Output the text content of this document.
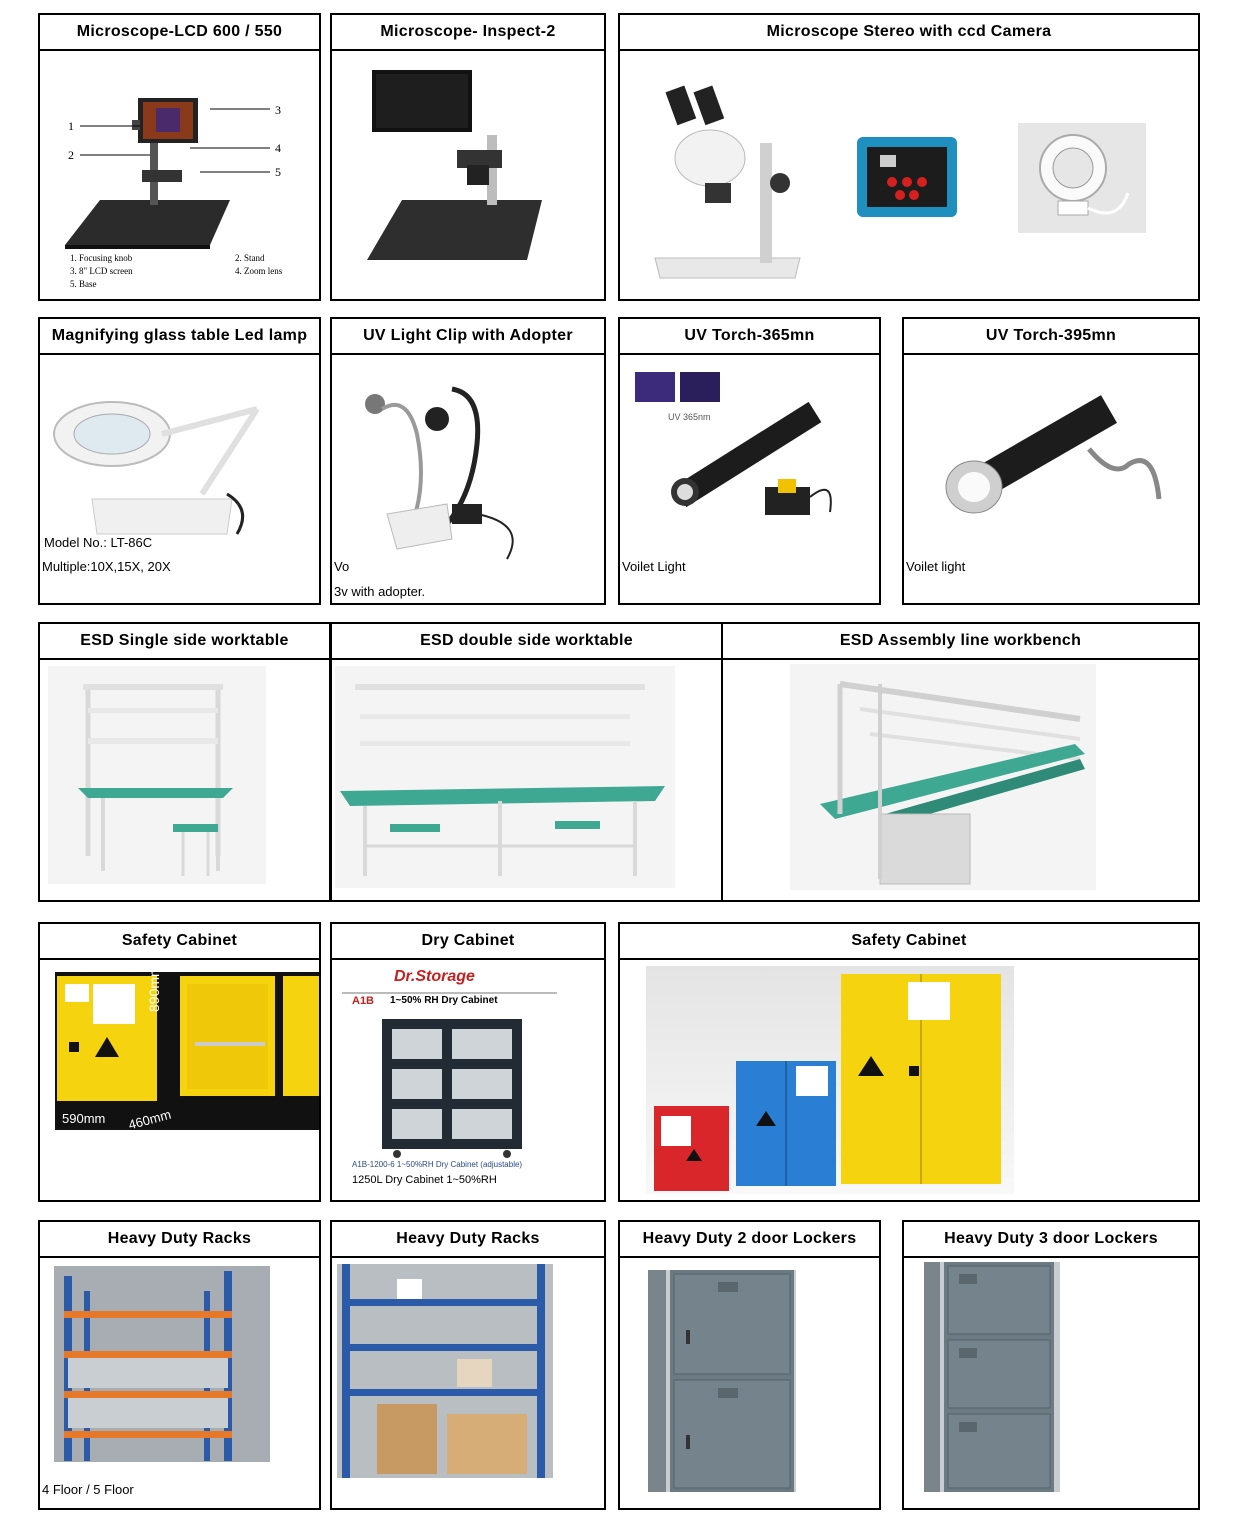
Microscope-LCD 600 / 550
1
2
3
4
5
1. Focusing knob	2. Stand
3. 8" LCD screen	4. Zoom lens
5. Base
Microscope- Inspect-2	Microscope Stereo with ccd Camera
Magnifying glass table Led lamp
Model No.: LT-86C
Multiple:10X,15X, 20X
UV Light Clip with Adopter
Vo
3v with adopter.
UV Torch-365mn
UV 365nm
Voilet Light
UV Torch-395mn
Voilet light
ESD Single side worktable	ESD double side worktable	ESD Assembly line workbench
Safety Cabinet
890mm
590mm 460mm
Dry Cabinet
Dr.Storage
A1B 1~50% RH Dry Cabinet
A1B-1200-6 1~50%RH Dry Cabinet (adjustable)
1250L Dry Cabinet 1~50%RH
Safety Cabinet
Heavy Duty Racks
4 Floor / 5 Floor
Heavy Duty Racks	Heavy Duty 2 door Lockers	Heavy Duty 3 door Lockers
